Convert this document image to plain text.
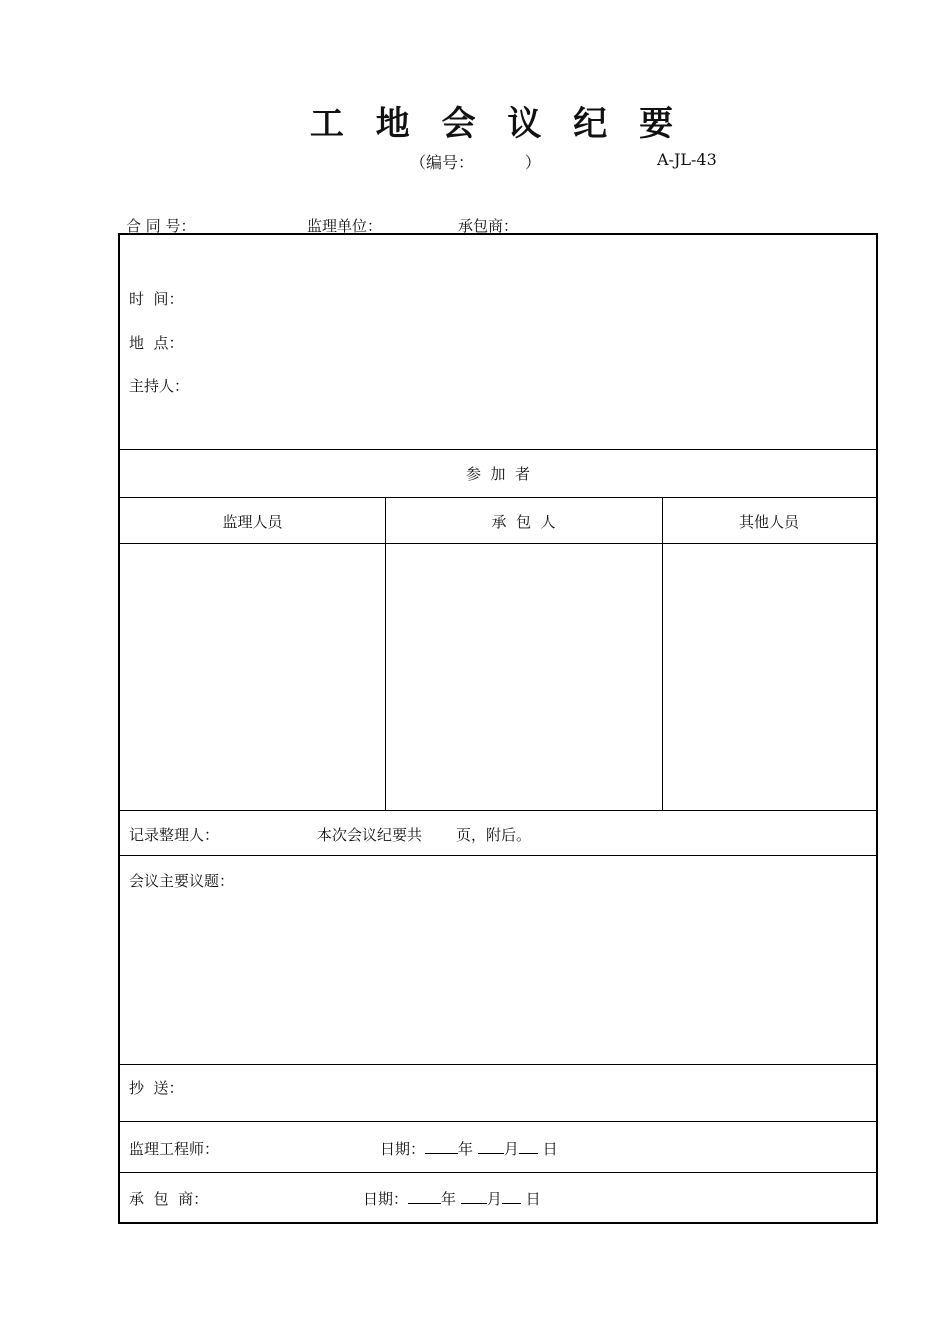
工 地 会 议 纪 要
（编号：          ）	A-JL-43
合 同 号：	监理单位：	承包商：
时  间：
地  点：
主持人：
参  加  者
监理人员	承  包  人	其他人员
记录整理人：	本次会议纪要共 页，附后。
会议主要议题：
抄  送：
监理工程师：	日期： 年 月 日
承  包  商：	日期： 年 月 日
